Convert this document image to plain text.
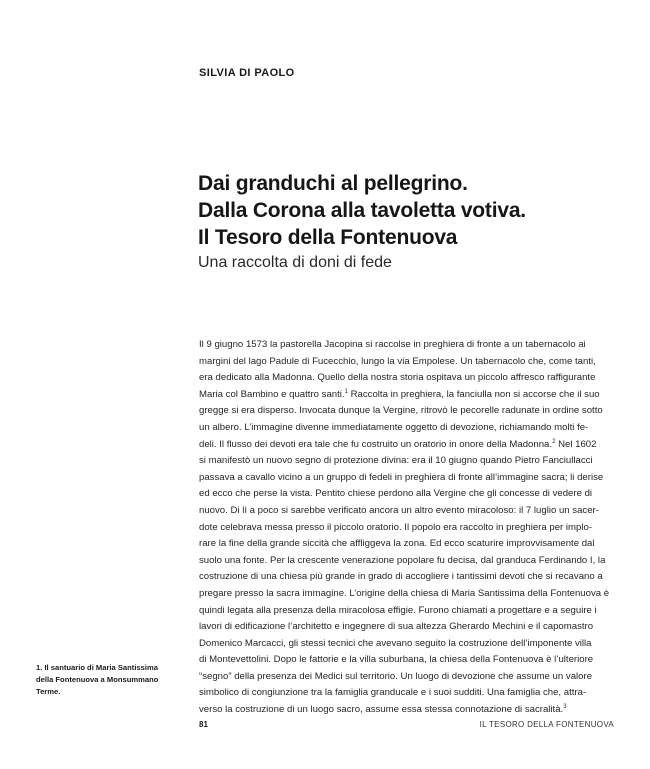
SILVIA DI PAOLO
Dai granduchi al pellegrino.
Dalla Corona alla tavoletta votiva.
Il Tesoro della Fontenuova
Una raccolta di doni di fede
Il 9 giugno 1573 la pastorella Jacopina si raccolse in preghiera di fronte a un tabernacolo ai
margini del lago Padule di Fucecchio, lungo la via Empolese. Un tabernacolo che, come tanti,
era dedicato alla Madonna. Quello della nostra storia ospitava un piccolo affresco raffigurante
Maria col Bambino e quattro santi.$^1$ Raccolta in preghiera, la fanciulla non si accorse che il suo
gregge si era disperso. Invocata dunque la Vergine, ritrovò le pecorelle radunate in ordine sotto
un albero. L’immagine divenne immediatamente oggetto di devozione, richiamando molti fe-
deli. Il flusso dei devoti era tale che fu costruito un oratorio in onore della Madonna.$^2$ Nel 1602
si manifestò un nuovo segno di protezione divina: era il 10 giugno quando Pietro Fanciullacci
passava a cavallo vicino a un gruppo di fedeli in preghiera di fronte all’immagine sacra; li derise
ed ecco che perse la vista. Pentito chiese perdono alla Vergine che gli concesse di vedere di
nuovo. Di lì a poco si sarebbe verificato ancora un altro evento miracoloso: il 7 luglio un sacer-
dote celebrava messa presso il piccolo oratorio. Il popolo era raccolto in preghiera per implo-
rare la fine della grande siccità che affliggeva la zona. Ed ecco scaturire improvvisamente dal
suolo una fonte. Per la crescente venerazione popolare fu decisa, dal granduca Ferdinando I, la
costruzione di una chiesa più grande in grado di accogliere i tantissimi devoti che si recavano a
pregare presso la sacra immagine. L’origine della chiesa di Maria Santissima della Fontenuova è
quindi legata alla presenza della miracolosa effigie. Furono chiamati a progettare e a seguire i
lavori di edificazione l’architetto e ingegnere di sua altezza Gherardo Mechini e il capomastro
Domenico Marcacci, gli stessi tecnici che avevano seguito la costruzione dell’imponente villa
di Montevettolini. Dopo le fattorie e la villa suburbana, la chiesa della Fontenuova è l’ulteriore
“segno” della presenza dei Medici sul territorio. Un luogo di devozione che assume un valore
simbolico di congiunzione tra la famiglia granducale e i suoi sudditi. Una famiglia che, attra-
verso la costruzione di un luogo sacro, assume essa stessa connotazione di sacralità.$^3$
1. Il santuario di Maria Santissima
della Fontenuova a Monsummano
Terme.
81	IL TESORO DELLA FONTENUOVA
